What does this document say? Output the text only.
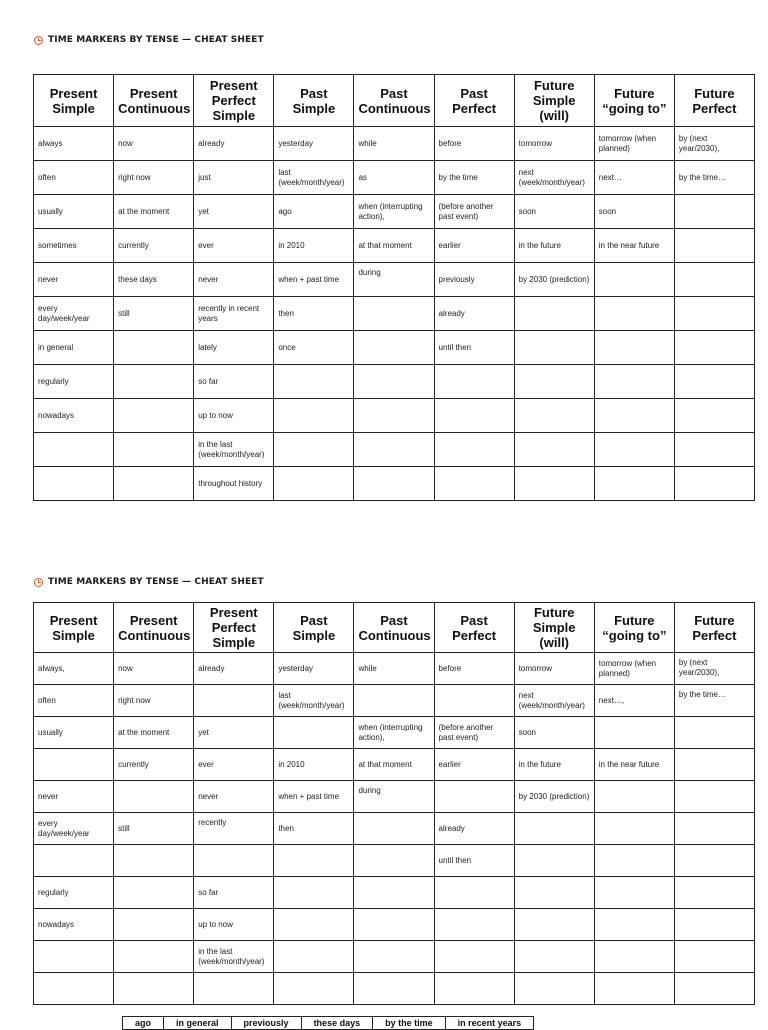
TIME MARKERS BY TENSE — CHEAT SHEET
Present Simple	Present Continuous	Present Perfect Simple	Past Simple	Past Continuous	Past Perfect	Future Simple (will)	Future “going to”	Future Perfect
always	now	already	yesterday	while	before	tomorrow	tomorrow (when planned)	by (next year/2030),
often	right now	just	last (week/month/year)	as	by the time	next (week/month/year)	next…	by the time…
usually	at the moment	yet	ago	when (interrupting action),	(before another past event)	soon	soon	
sometimes	currently	ever	in 2010	at that moment	earlier	in the future	in the near future	
never	these days	never	when + past time	during	previously	by 2030 (prediction)		
every day/week/year	still	recently in recent years	then		already			
in general		lately	once		until then			
regularly		so far						
nowadays		up to now						
		in the last (week/month/year)						
		throughout history						
TIME MARKERS BY TENSE — CHEAT SHEET
Present Simple	Present Continuous	Present Perfect Simple	Past Simple	Past Continuous	Past Perfect	Future Simple (will)	Future “going to”	Future Perfect
always,	now	already	yesterday	while	before	tomorrow	tomorrow (when planned)	by (next year/2030),
often	right now		last (week/month/year)			next (week/month/year)	next…,	by the time…
usually	at the moment	yet		when (interrupting action),	(before another past event)	soon		
	currently	ever	in 2010	at that moment	earlier	in the future	in the near future	
never		never	when + past time	during		by 2030 (prediction)		
every day/week/year	still	recently	then		already			
					until then			
regularly		so far						
nowadays		up to now						
		in the last (week/month/year)						

ago	in general	previously	these days	by the time	in recent years
